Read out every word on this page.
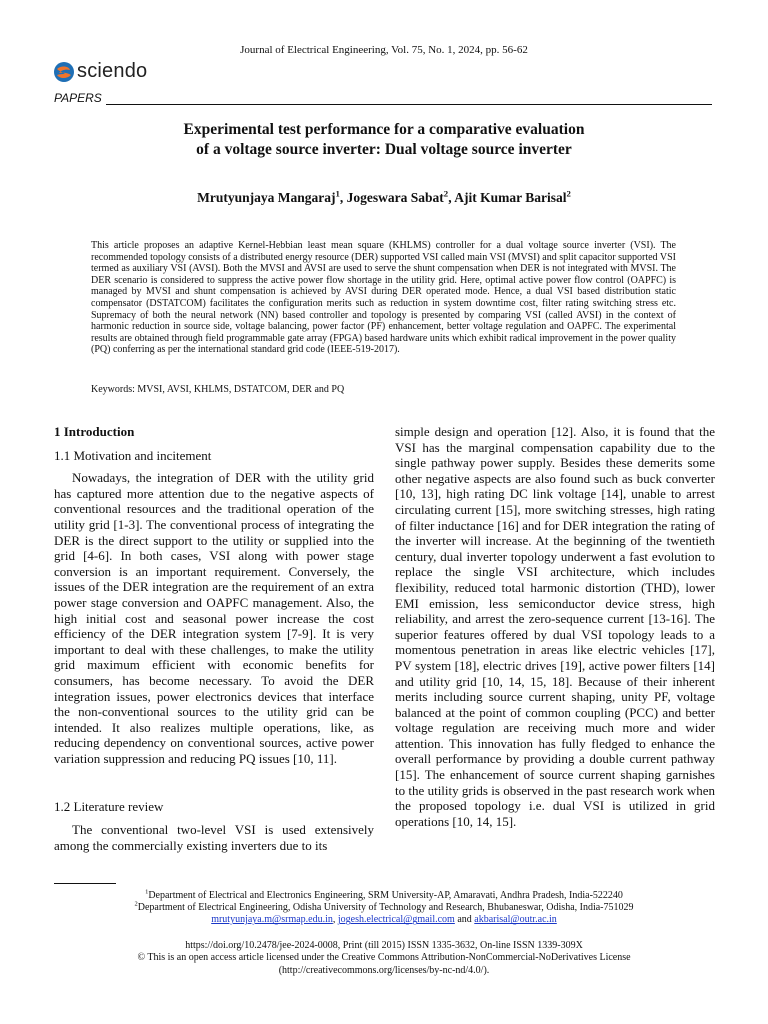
Journal of Electrical Engineering, Vol. 75, No. 1, 2024, pp. 56-62
sciendo
PAPERS
Experimental test performance for a comparative evaluation
of a voltage source inverter: Dual voltage source inverter
Mrutyunjaya Mangaraj$^1$, Jogeswara Sabat$^2$, Ajit Kumar Barisal$^2$
This article proposes an adaptive Kernel-Hebbian least mean square (KHLMS) controller for a dual voltage source inverter (VSI). The recommended topology consists of a distributed energy resource (DER) supported VSI called main VSI (MVSI) and split capacitor supported VSI termed as auxiliary VSI (AVSI). Both the MVSI and AVSI are used to serve the shunt compensation when DER is not integrated with MVSI. The DER scenario is considered to suppress the active power flow shortage in the utility grid. Here, optimal active power flow control (OAPFC) is managed by MVSI and shunt compensation is achieved by AVSI during DER operated mode. Hence, a dual VSI based distribution static compensator (DSTATCOM) facilitates the configuration merits such as reduction in system downtime cost, filter rating switching stress etc. Supremacy of both the neural network (NN) based controller and topology is presented by comparing VSI (called AVSI) in the context of harmonic reduction in source side, voltage balancing, power factor (PF) enhancement, better voltage regulation and OAPFC. The experimental results are obtained through field programmable gate array (FPGA) based hardware units which exhibit radical improvement in the power quality (PQ) conferring as per the international standard grid code (IEEE-519-2017).
Keywords: MVSI, AVSI, KHLMS, DSTATCOM, DER and PQ

1 Introduction

1.1 Motivation and incitement

Nowadays, the integration of DER with the utility grid has captured more attention due to the negative aspects of conventional resources and the traditional operation of the utility grid [1-3]. The conventional process of integrating the DER is the direct support to the utility or supplied into the grid [4-6]. In both cases, VSI along with power stage conversion is an important requirement. Conversely, the issues of the DER integration are the requirement of an extra power stage conversion and OAPFC management. Also, the high initial cost and seasonal power increase the cost efficiency of the DER integration system [7-9]. It is very important to deal with these challenges, to make the utility grid maximum efficient with economic benefits for consumers, has become necessary. To avoid the DER integration issues, power electronics devices that interface the non-conventional sources to the utility grid can be intended. It also realizes multiple operations, like, as reducing dependency on conventional sources, active power variation suppression and reducing PQ issues [10, 11].

1.2 Literature review

The conventional two-level VSI is used extensively among the commercially existing inverters due to its

simple design and operation [12]. Also, it is found that the VSI has the marginal compensation capability due to the single pathway power supply. Besides these demerits some other negative aspects are also found such as buck converter [10, 13], high rating DC link voltage [14], unable to arrest circulating current [15], more switching stresses, high rating of filter inductance [16] and for DER integration the rating of the inverter will increase. At the beginning of the twentieth century, dual inverter topology underwent a fast evolution to replace the single VSI architecture, which includes flexibility, reduced total harmonic distortion (THD), lower EMI emission, less semiconductor device stress, high reliability, and arrest the zero-sequence current [13-16]. The superior features offered by dual VSI topology leads to a momentous penetration in areas like electric vehicles [17], PV system [18], electric drives [19], active power filters [14] and utility grid [10, 14, 15, 18]. Because of their inherent merits including source current shaping, unity PF, voltage balanced at the point of common coupling (PCC) and better voltage regulation are receiving much more and wider attention. This innovation has fully fledged to enhance the overall performance by providing a double current pathway [15]. The enhancement of source current shaping garnishes to the utility grids is observed in the past research work when the proposed topology i.e. dual VSI is utilized in grid operations [10, 14, 15].

$^1$Department of Electrical and Electronics Engineering, SRM University-AP, Amaravati, Andhra Pradesh, India-522240
$^2$Department of Electrical Engineering, Odisha University of Technology and Research, Bhubaneswar, Odisha, India-751029
mrutyunjaya.m@srmap.edu.in, jogesh.electrical@gmail.com and akbarisal@outr.ac.in
https://doi.org/10.2478/jee-2024-0008, Print (till 2015) ISSN 1335-3632, On-line ISSN 1339-309X
© This is an open access article licensed under the Creative Commons Attribution-NonCommercial-NoDerivatives License
(http://creativecommons.org/licenses/by-nc-nd/4.0/).
